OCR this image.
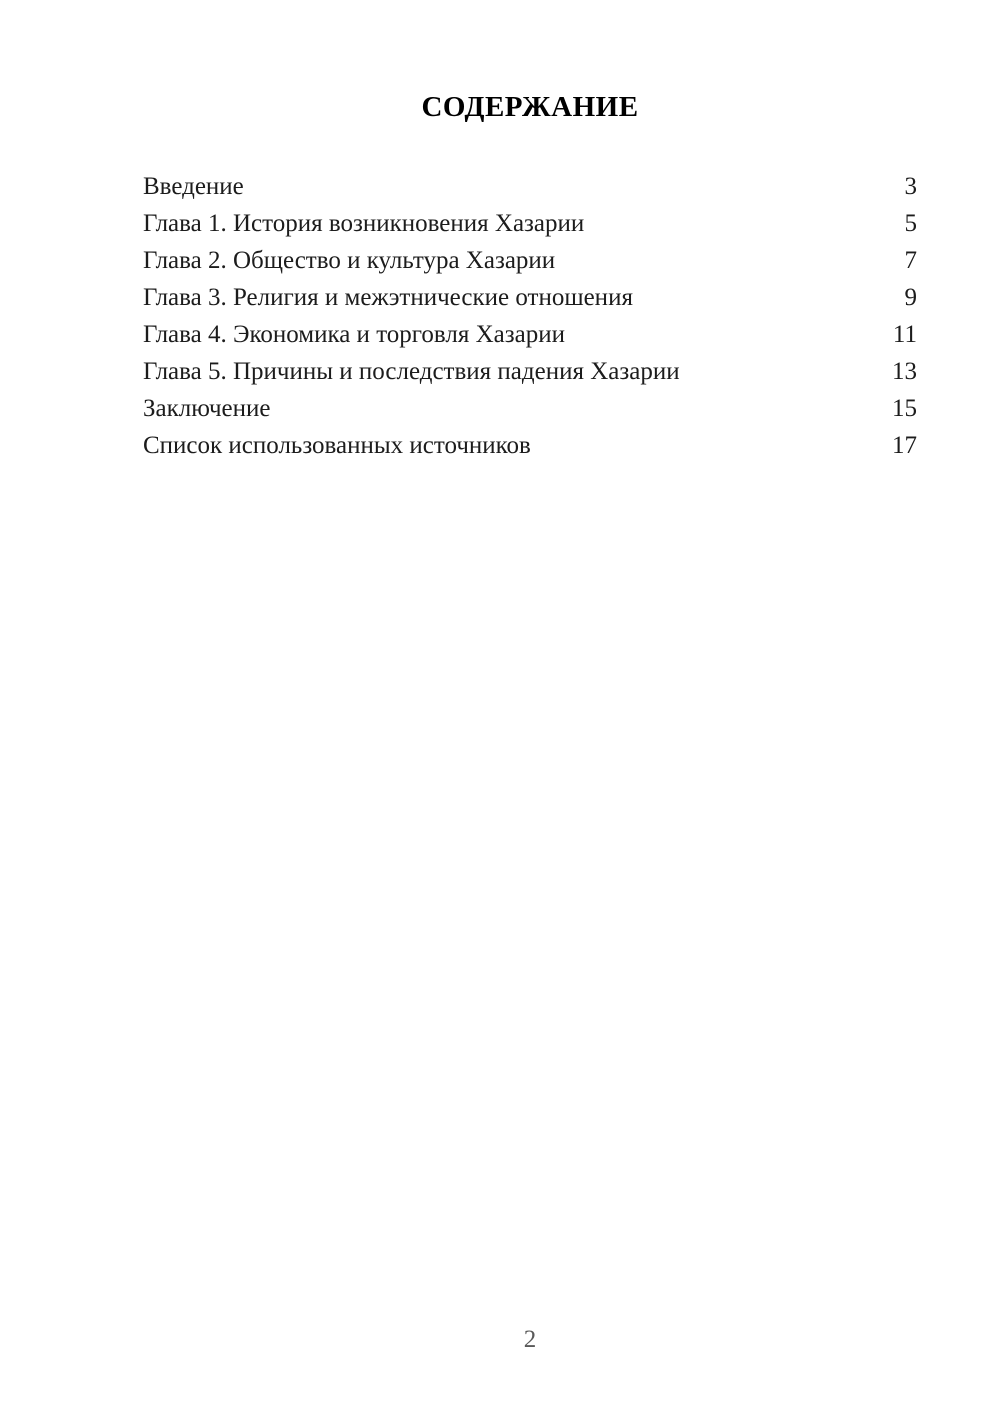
СОДЕРЖАНИЕ
Введение	3
Глава 1. История возникновения Хазарии	5
Глава 2. Общество и культура Хазарии	7
Глава 3. Религия и межэтнические отношения	9
Глава 4. Экономика и торговля Хазарии	11
Глава 5. Причины и последствия падения Хазарии	13
Заключение	15
Список использованных источников	17
2
